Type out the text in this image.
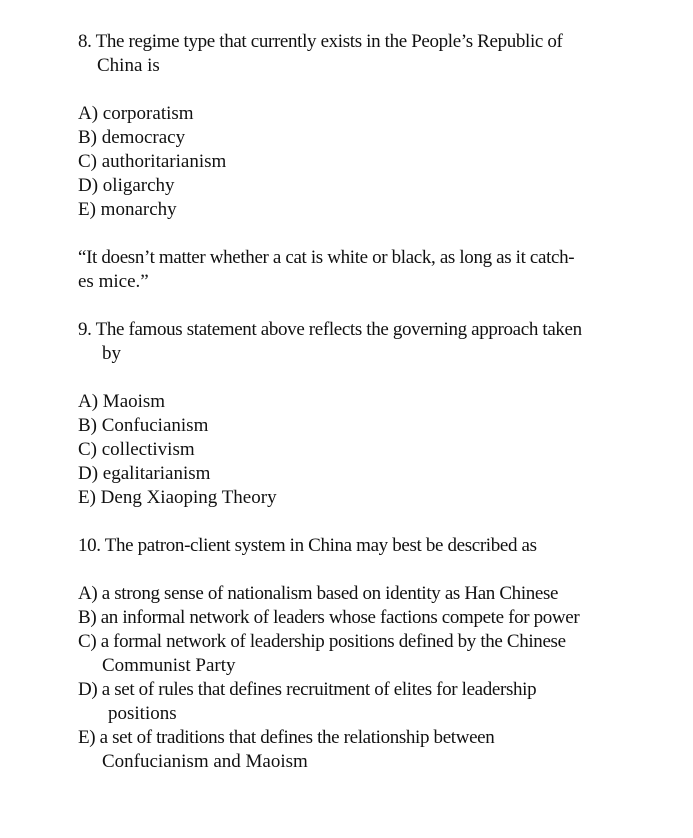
8. The regime type that currently exists in the People’s Republic of
China is
A) corporatism
B) democracy
C) authoritarianism
D) oligarchy
E) monarchy
“It doesn’t matter whether a cat is white or black, as long as it catch-
es mice.”
9. The famous statement above reflects the governing approach taken
by
A) Maoism
B) Confucianism
C) collectivism
D) egalitarianism
E) Deng Xiaoping Theory
10. The patron-client system in China may best be described as
A) a strong sense of nationalism based on identity as Han Chinese
B) an informal network of leaders whose factions compete for power
C) a formal network of leadership positions defined by the Chinese
Communist Party
D) a set of rules that defines recruitment of elites for leadership
positions
E) a set of traditions that defines the relationship between
Confucianism and Maoism
